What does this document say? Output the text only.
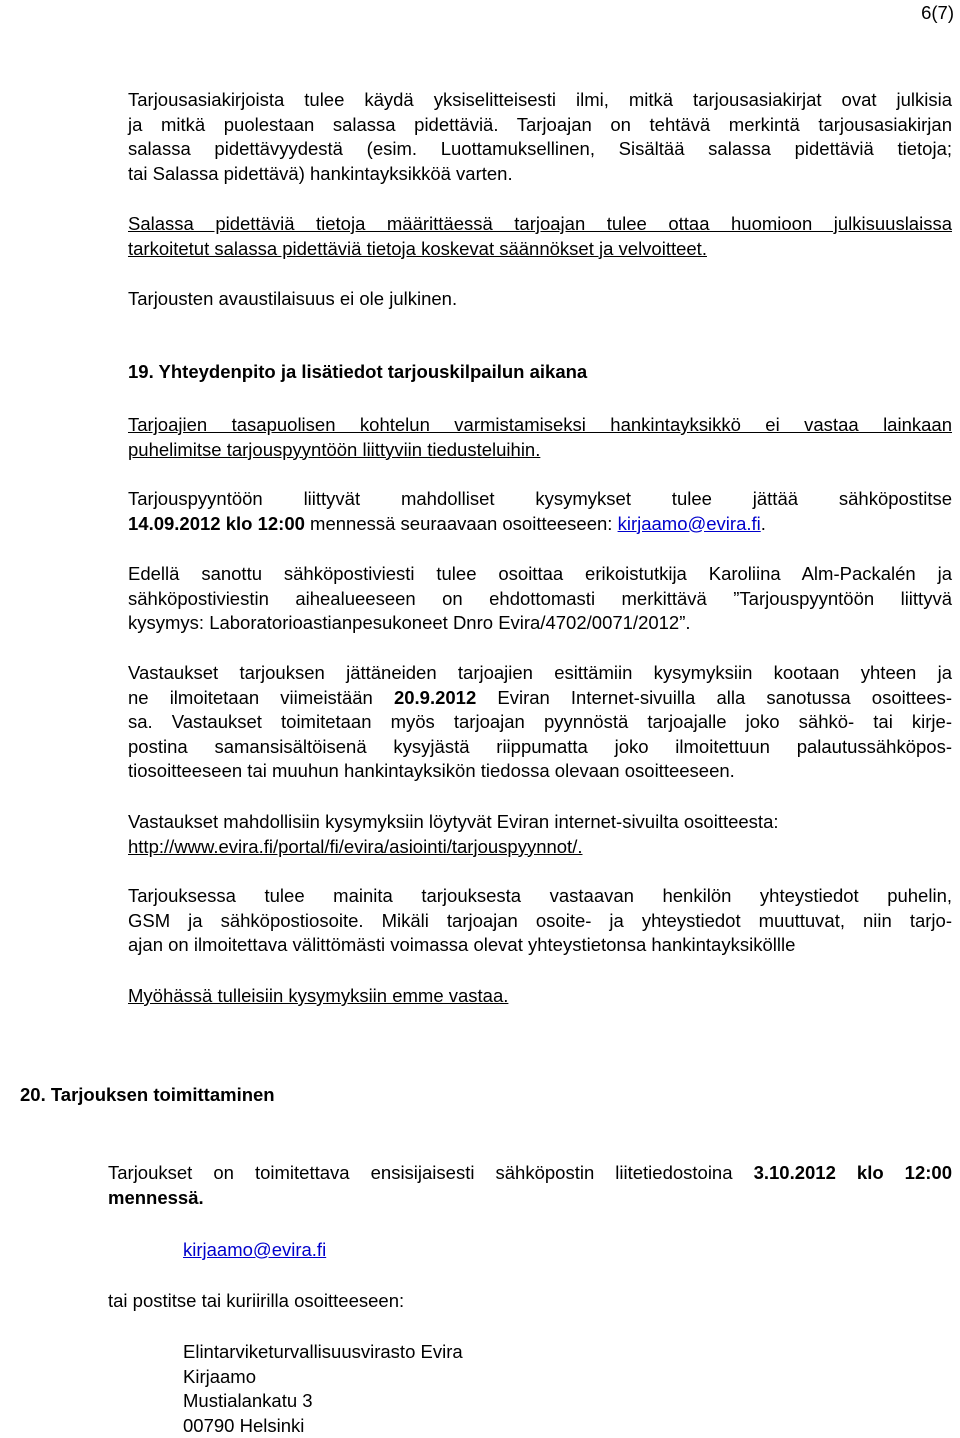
6(7)
Tarjousasiakirjoista tulee käydä yksiselitteisesti ilmi, mitkä tarjousasiakirjat ovat julkisia
ja mitkä puolestaan salassa pidettäviä. Tarjoajan on tehtävä merkintä tarjousasiakirjan
salassa pidettävyydestä (esim. Luottamuksellinen, Sisältää salassa pidettäviä tietoja;
tai Salassa pidettävä) hankintayksikköä varten.
Salassa pidettäviä tietoja määrittäessä tarjoajan tulee ottaa huomioon julkisuuslaissa
tarkoitetut salassa pidettäviä tietoja koskevat säännökset ja velvoitteet.
Tarjousten avaustilaisuus ei ole julkinen.
19. Yhteydenpito ja lisätiedot tarjouskilpailun aikana
Tarjoajien tasapuolisen kohtelun varmistamiseksi hankintayksikkö ei vastaa lainkaan
puhelimitse tarjouspyyntöön liittyviin tiedusteluihin.
Tarjouspyyntöön liittyvät mahdolliset kysymykset tulee jättää sähköpostitse
14.09.2012 klo 12:00 mennessä seuraavaan osoitteeseen: kirjaamo@evira.fi.
Edellä sanottu sähköpostiviesti tulee osoittaa erikoistutkija Karoliina Alm-Packalén ja
sähköpostiviestin aihealueeseen on ehdottomasti merkittävä ”Tarjouspyyntöön liittyvä
kysymys: Laboratorioastianpesukoneet Dnro Evira/4702/0071/2012”.
Vastaukset tarjouksen jättäneiden tarjoajien esittämiin kysymyksiin kootaan yhteen ja
ne ilmoitetaan viimeistään 20.9.2012 Eviran Internet-sivuilla alla sanotussa osoittees-
sa. Vastaukset toimitetaan myös tarjoajan pyynnöstä tarjoajalle joko sähkö- tai kirje-
postina samansisältöisenä kysyjästä riippumatta joko ilmoitettuun palautussähköpos-
tiosoitteeseen tai muuhun hankintayksikön tiedossa olevaan osoitteeseen.
Vastaukset mahdollisiin kysymyksiin löytyvät Eviran internet-sivuilta osoitteesta:
http://www.evira.fi/portal/fi/evira/asiointi/tarjouspyynnot/.
Tarjouksessa tulee mainita tarjouksesta vastaavan henkilön yhteystiedot puhelin,
GSM ja sähköpostiosoite. Mikäli tarjoajan osoite- ja yhteystiedot muuttuvat, niin tarjo-
ajan on ilmoitettava välittömästi voimassa olevat yhteystietonsa hankintayksiköllle
Myöhässä tulleisiin kysymyksiin emme vastaa.
20. Tarjouksen toimittaminen
Tarjoukset on toimitettava ensisijaisesti sähköpostin liitetiedostoina 3.10.2012 klo 12:00
mennessä.
kirjaamo@evira.fi
tai postitse tai kuriirilla osoitteeseen:
Elintarviketurvallisuusvirasto Evira
Kirjaamo
Mustialankatu 3
00790 Helsinki
